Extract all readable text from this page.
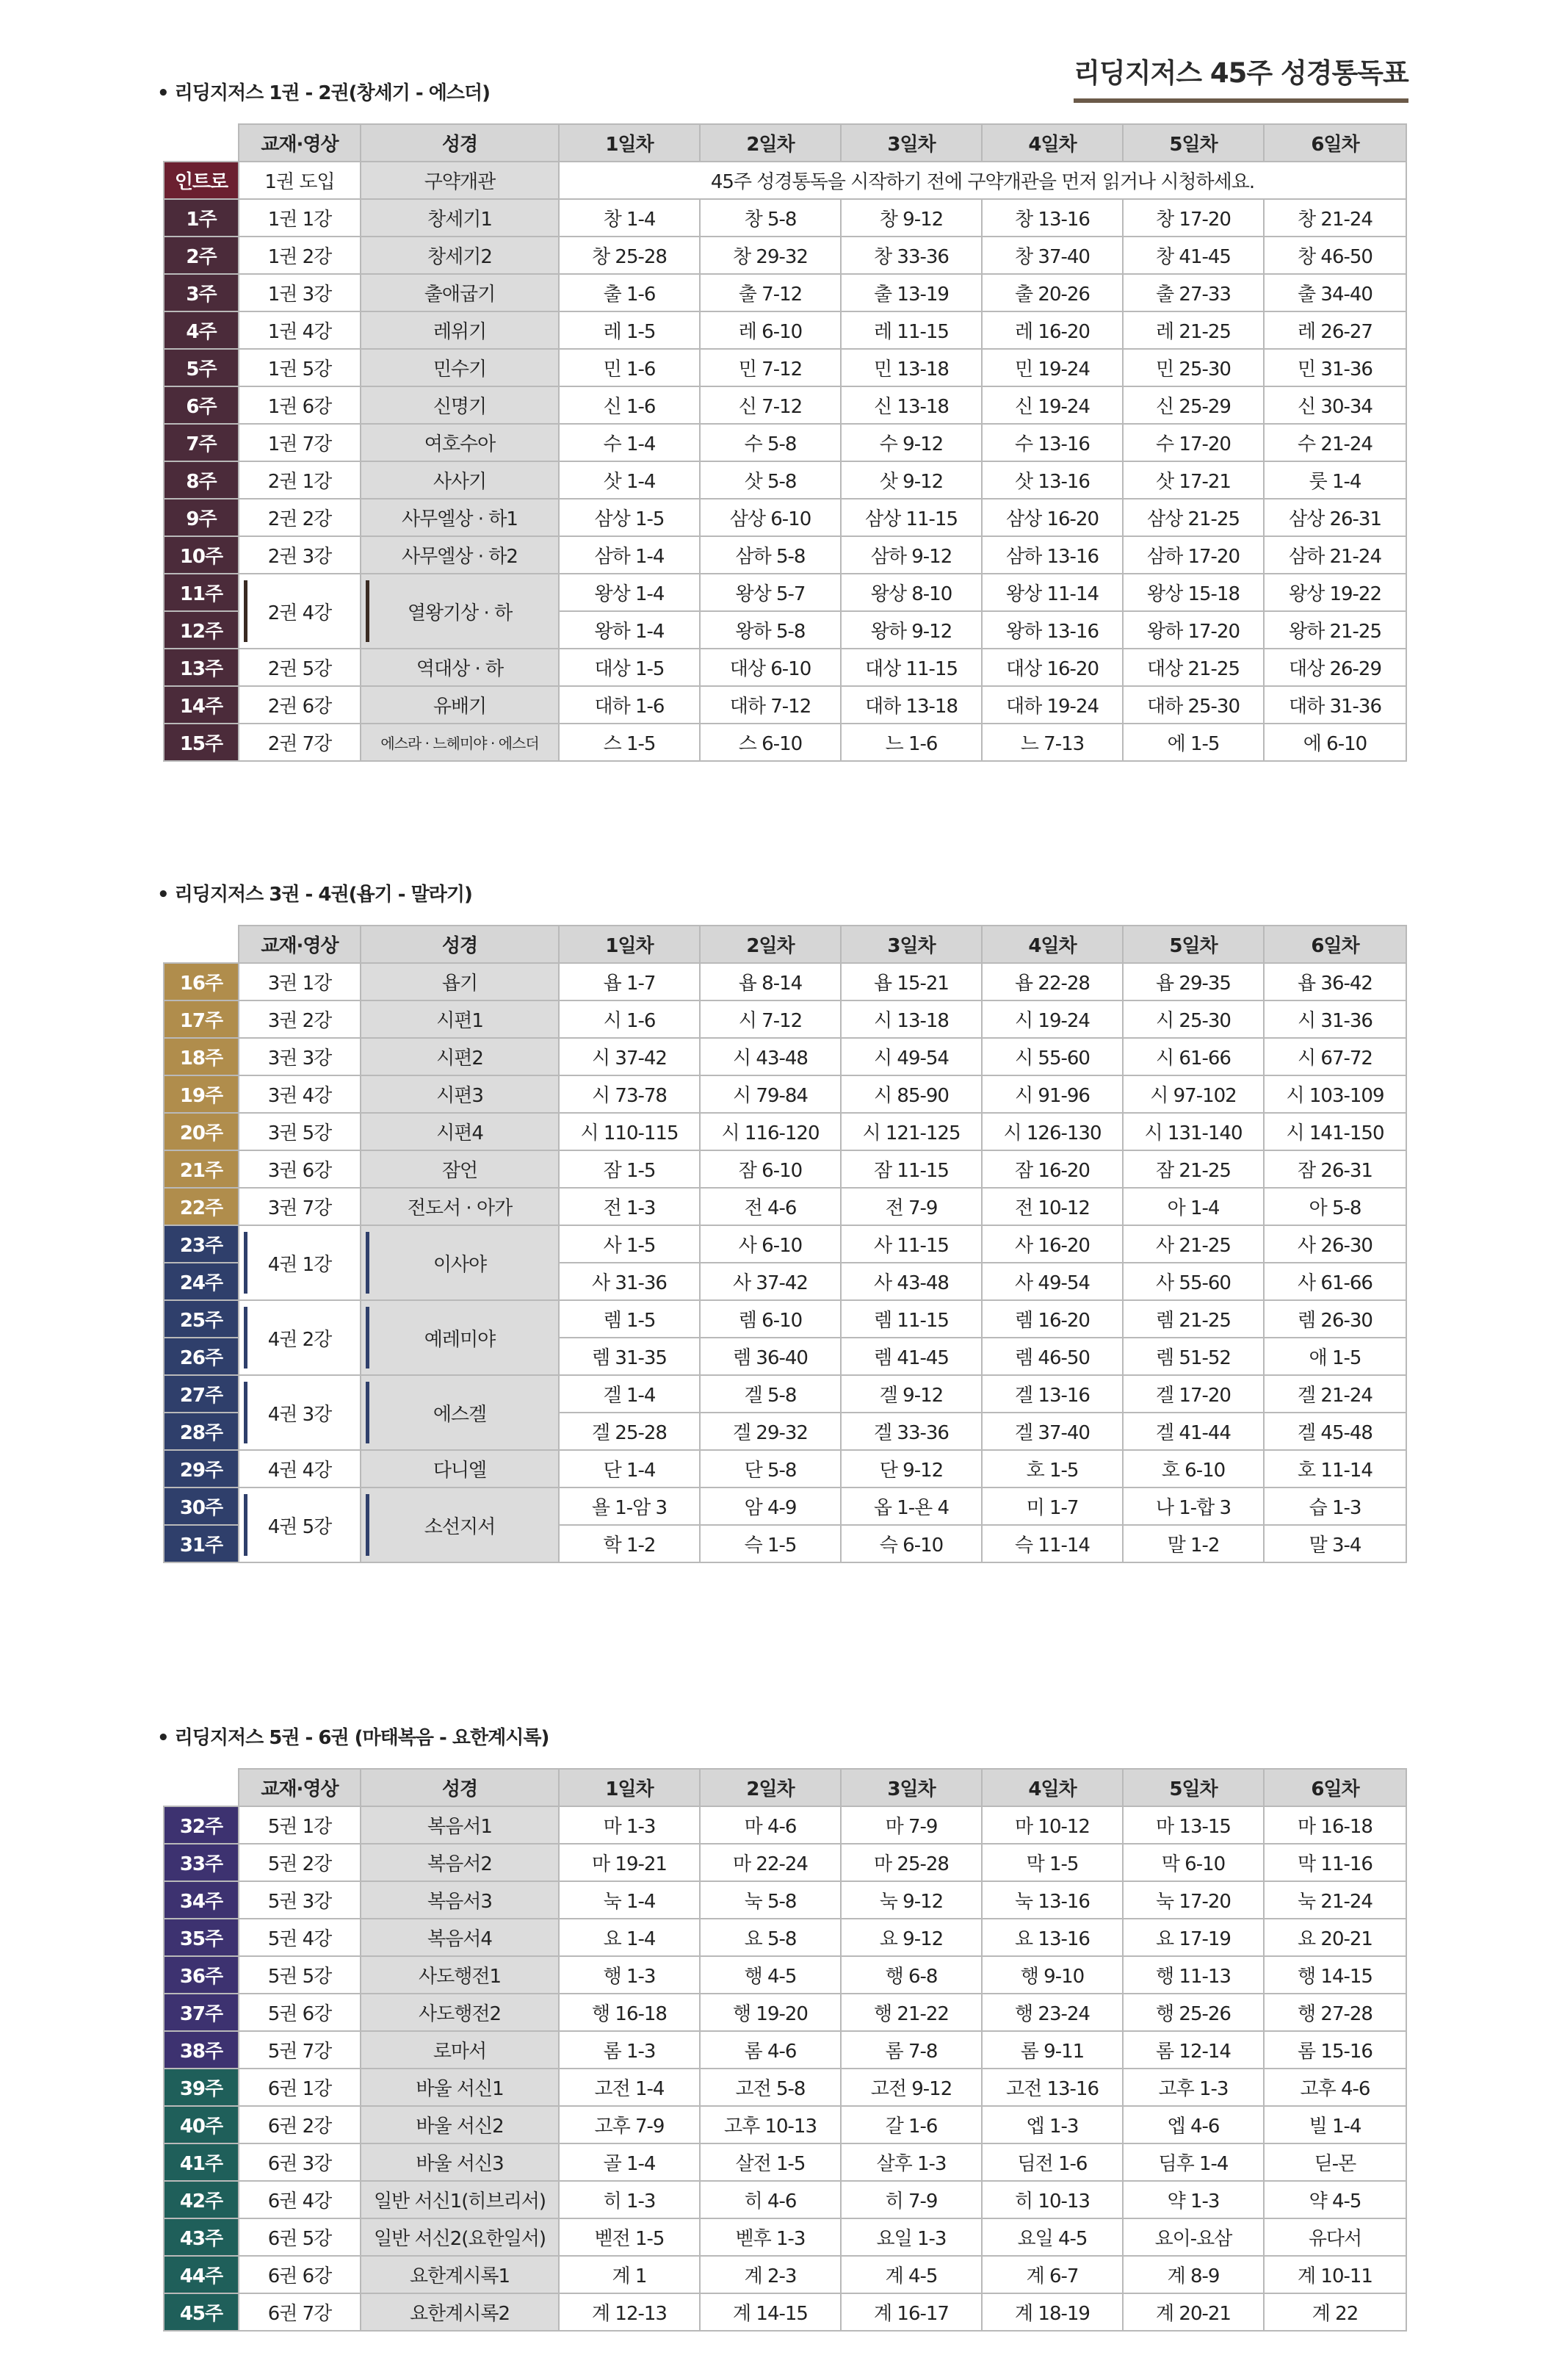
리딩지저스 45주 성경통독표
• 리딩지저스 1권 - 2권(창세기 - 에스더)
	교재·영상	성경	1일차	2일차	3일차	4일차	5일차	6일차
인트로	1권 도입	구약개관	45주 성경통독을 시작하기 전에 구약개관을 먼저 읽거나 시청하세요.					
1주	1권 1강	창세기1	창 1-4	창 5-8	창 9-12	창 13-16	창 17-20	창 21-24
2주	1권 2강	창세기2	창 25-28	창 29-32	창 33-36	창 37-40	창 41-45	창 46-50
3주	1권 3강	출애굽기	출 1-6	출 7-12	출 13-19	출 20-26	출 27-33	출 34-40
4주	1권 4강	레위기	레 1-5	레 6-10	레 11-15	레 16-20	레 21-25	레 26-27
5주	1권 5강	민수기	민 1-6	민 7-12	민 13-18	민 19-24	민 25-30	민 31-36
6주	1권 6강	신명기	신 1-6	신 7-12	신 13-18	신 19-24	신 25-29	신 30-34
7주	1권 7강	여호수아	수 1-4	수 5-8	수 9-12	수 13-16	수 17-20	수 21-24
8주	2권 1강	사사기	삿 1-4	삿 5-8	삿 9-12	삿 13-16	삿 17-21	룻 1-4
9주	2권 2강	사무엘상 · 하1	삼상 1-5	삼상 6-10	삼상 11-15	삼상 16-20	삼상 21-25	삼상 26-31
10주	2권 3강	사무엘상 · 하2	삼하 1-4	삼하 5-8	삼하 9-12	삼하 13-16	삼하 17-20	삼하 21-24
11주	2권 4강	열왕기상 · 하	왕상 1-4	왕상 5-7	왕상 8-10	왕상 11-14	왕상 15-18	왕상 19-22
12주			왕하 1-4	왕하 5-8	왕하 9-12	왕하 13-16	왕하 17-20	왕하 21-25
13주	2권 5강	역대상 · 하	대상 1-5	대상 6-10	대상 11-15	대상 16-20	대상 21-25	대상 26-29
14주	2권 6강	유배기	대하 1-6	대하 7-12	대하 13-18	대하 19-24	대하 25-30	대하 31-36
15주	2권 7강	에스라 · 느헤미야 · 에스더	스 1-5	스 6-10	느 1-6	느 7-13	에 1-5	에 6-10
• 리딩지저스 3권 - 4권(욥기 - 말라기)
	교재·영상	성경	1일차	2일차	3일차	4일차	5일차	6일차
16주	3권 1강	욥기	욥 1-7	욥 8-14	욥 15-21	욥 22-28	욥 29-35	욥 36-42
17주	3권 2강	시편1	시 1-6	시 7-12	시 13-18	시 19-24	시 25-30	시 31-36
18주	3권 3강	시편2	시 37-42	시 43-48	시 49-54	시 55-60	시 61-66	시 67-72
19주	3권 4강	시편3	시 73-78	시 79-84	시 85-90	시 91-96	시 97-102	시 103-109
20주	3권 5강	시편4	시 110-115	시 116-120	시 121-125	시 126-130	시 131-140	시 141-150
21주	3권 6강	잠언	잠 1-5	잠 6-10	잠 11-15	잠 16-20	잠 21-25	잠 26-31
22주	3권 7강	전도서 · 아가	전 1-3	전 4-6	전 7-9	전 10-12	아 1-4	아 5-8
23주	4권 1강	이사야	사 1-5	사 6-10	사 11-15	사 16-20	사 21-25	사 26-30
24주			사 31-36	사 37-42	사 43-48	사 49-54	사 55-60	사 61-66
25주	4권 2강	예레미야	렘 1-5	렘 6-10	렘 11-15	렘 16-20	렘 21-25	렘 26-30
26주			렘 31-35	렘 36-40	렘 41-45	렘 46-50	렘 51-52	애 1-5
27주	4권 3강	에스겔	겔 1-4	겔 5-8	겔 9-12	겔 13-16	겔 17-20	겔 21-24
28주			겔 25-28	겔 29-32	겔 33-36	겔 37-40	겔 41-44	겔 45-48
29주	4권 4강	다니엘	단 1-4	단 5-8	단 9-12	호 1-5	호 6-10	호 11-14
30주	4권 5강	소선지서	욜 1-암 3	암 4-9	옵 1-욘 4	미 1-7	나 1-합 3	습 1-3
31주			학 1-2	슥 1-5	슥 6-10	슥 11-14	말 1-2	말 3-4
• 리딩지저스 5권 - 6권 (마태복음 - 요한계시록)
	교재·영상	성경	1일차	2일차	3일차	4일차	5일차	6일차
32주	5권 1강	복음서1	마 1-3	마 4-6	마 7-9	마 10-12	마 13-15	마 16-18
33주	5권 2강	복음서2	마 19-21	마 22-24	마 25-28	막 1-5	막 6-10	막 11-16
34주	5권 3강	복음서3	눅 1-4	눅 5-8	눅 9-12	눅 13-16	눅 17-20	눅 21-24
35주	5권 4강	복음서4	요 1-4	요 5-8	요 9-12	요 13-16	요 17-19	요 20-21
36주	5권 5강	사도행전1	행 1-3	행 4-5	행 6-8	행 9-10	행 11-13	행 14-15
37주	5권 6강	사도행전2	행 16-18	행 19-20	행 21-22	행 23-24	행 25-26	행 27-28
38주	5권 7강	로마서	롬 1-3	롬 4-6	롬 7-8	롬 9-11	롬 12-14	롬 15-16
39주	6권 1강	바울 서신1	고전 1-4	고전 5-8	고전 9-12	고전 13-16	고후 1-3	고후 4-6
40주	6권 2강	바울 서신2	고후 7-9	고후 10-13	갈 1-6	엡 1-3	엡 4-6	빌 1-4
41주	6권 3강	바울 서신3	골 1-4	살전 1-5	살후 1-3	딤전 1-6	딤후 1-4	딛-몬
42주	6권 4강	일반 서신1(히브리서)	히 1-3	히 4-6	히 7-9	히 10-13	약 1-3	약 4-5
43주	6권 5강	일반 서신2(요한일서)	벧전 1-5	벧후 1-3	요일 1-3	요일 4-5	요이-요삼	유다서
44주	6권 6강	요한계시록1	계 1	계 2-3	계 4-5	계 6-7	계 8-9	계 10-11
45주	6권 7강	요한계시록2	계 12-13	계 14-15	계 16-17	계 18-19	계 20-21	계 22
